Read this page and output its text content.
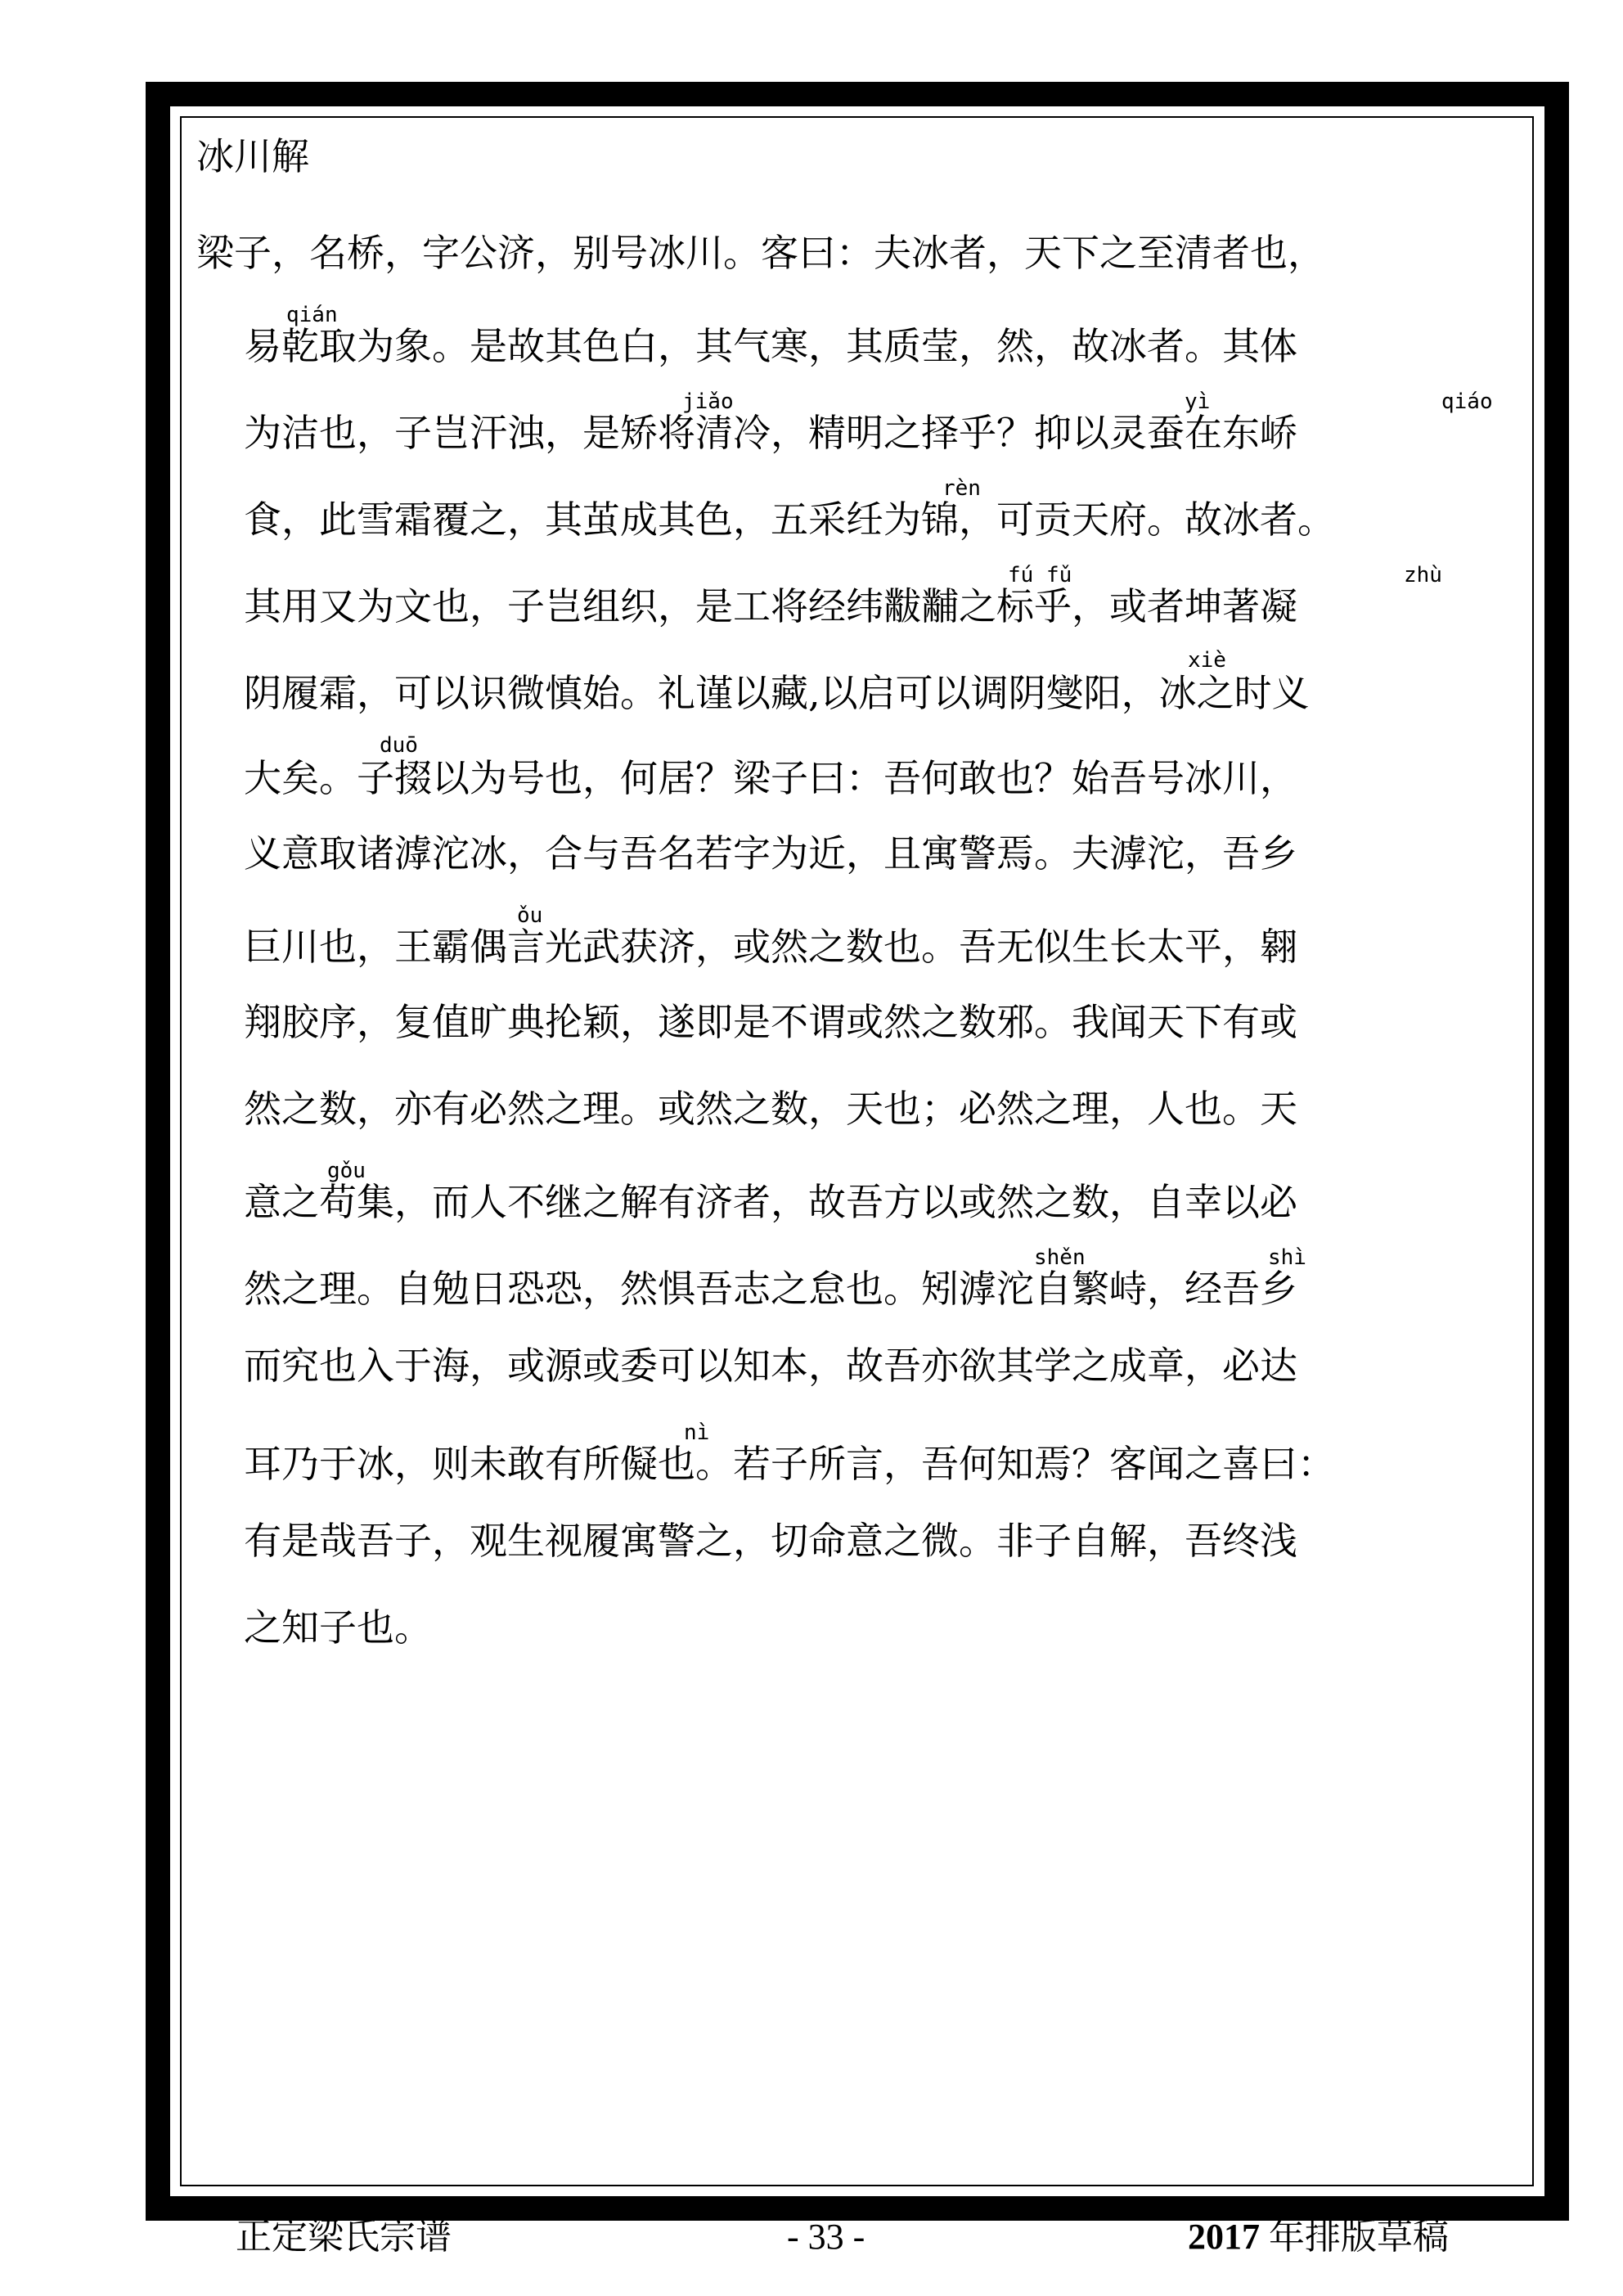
冰川解
梁子，名桥，字公济，别号冰川。客曰：夫冰者，天下之至清者也，
易乾取为象。是故其色白，其气寒，其质莹，然，故冰者。其体
为洁也，子岂汗浊，是矫将清冷，精明之择乎？抑以灵蚕在东峤
食，此雪霜覆之，其茧成其色，五采纴为锦，可贡天府。故冰者。
其用又为文也，子岂组织，是工将经纬黻黼之标乎，或者坤著凝
阴履霜，可以识微慎始。礼谨以藏,以启可以调阴燮阳，冰之时义
大矣。子掇以为号也，何居？梁子曰：吾何敢也？始吾号冰川，
义意取诸滹沱冰，合与吾名若字为近，且寓警焉。夫滹沱，吾乡
巨川也，王霸偶言光武获济，或然之数也。吾无似生长太平，翱
翔胶序，复值旷典抡颖，遂即是不谓或然之数邪。我闻天下有或
然之数，亦有必然之理。或然之数，天也；必然之理，人也。天
意之苟集，而人不继之解有济者，故吾方以或然之数，自幸以必
然之理。自勉日恐恐，然惧吾志之怠也。矧滹沱自繁峙，经吾乡
而究也入于海，或源或委可以知本，故吾亦欲其学之成章，必达
耳乃于冰，则未敢有所儗也。若子所言，吾何知焉？客闻之喜曰：
有是哉吾子，观生视履寓警之，切命意之微。非子自解，吾终浅
之知子也。
qián
jiǎo	yì	qiáo
rèn
fú fǔ	zhù
xiè
duō
ǒu
gǒu
shěn	shì
nì
正定梁氏宗谱	- 33 -	2017 年排版草稿
